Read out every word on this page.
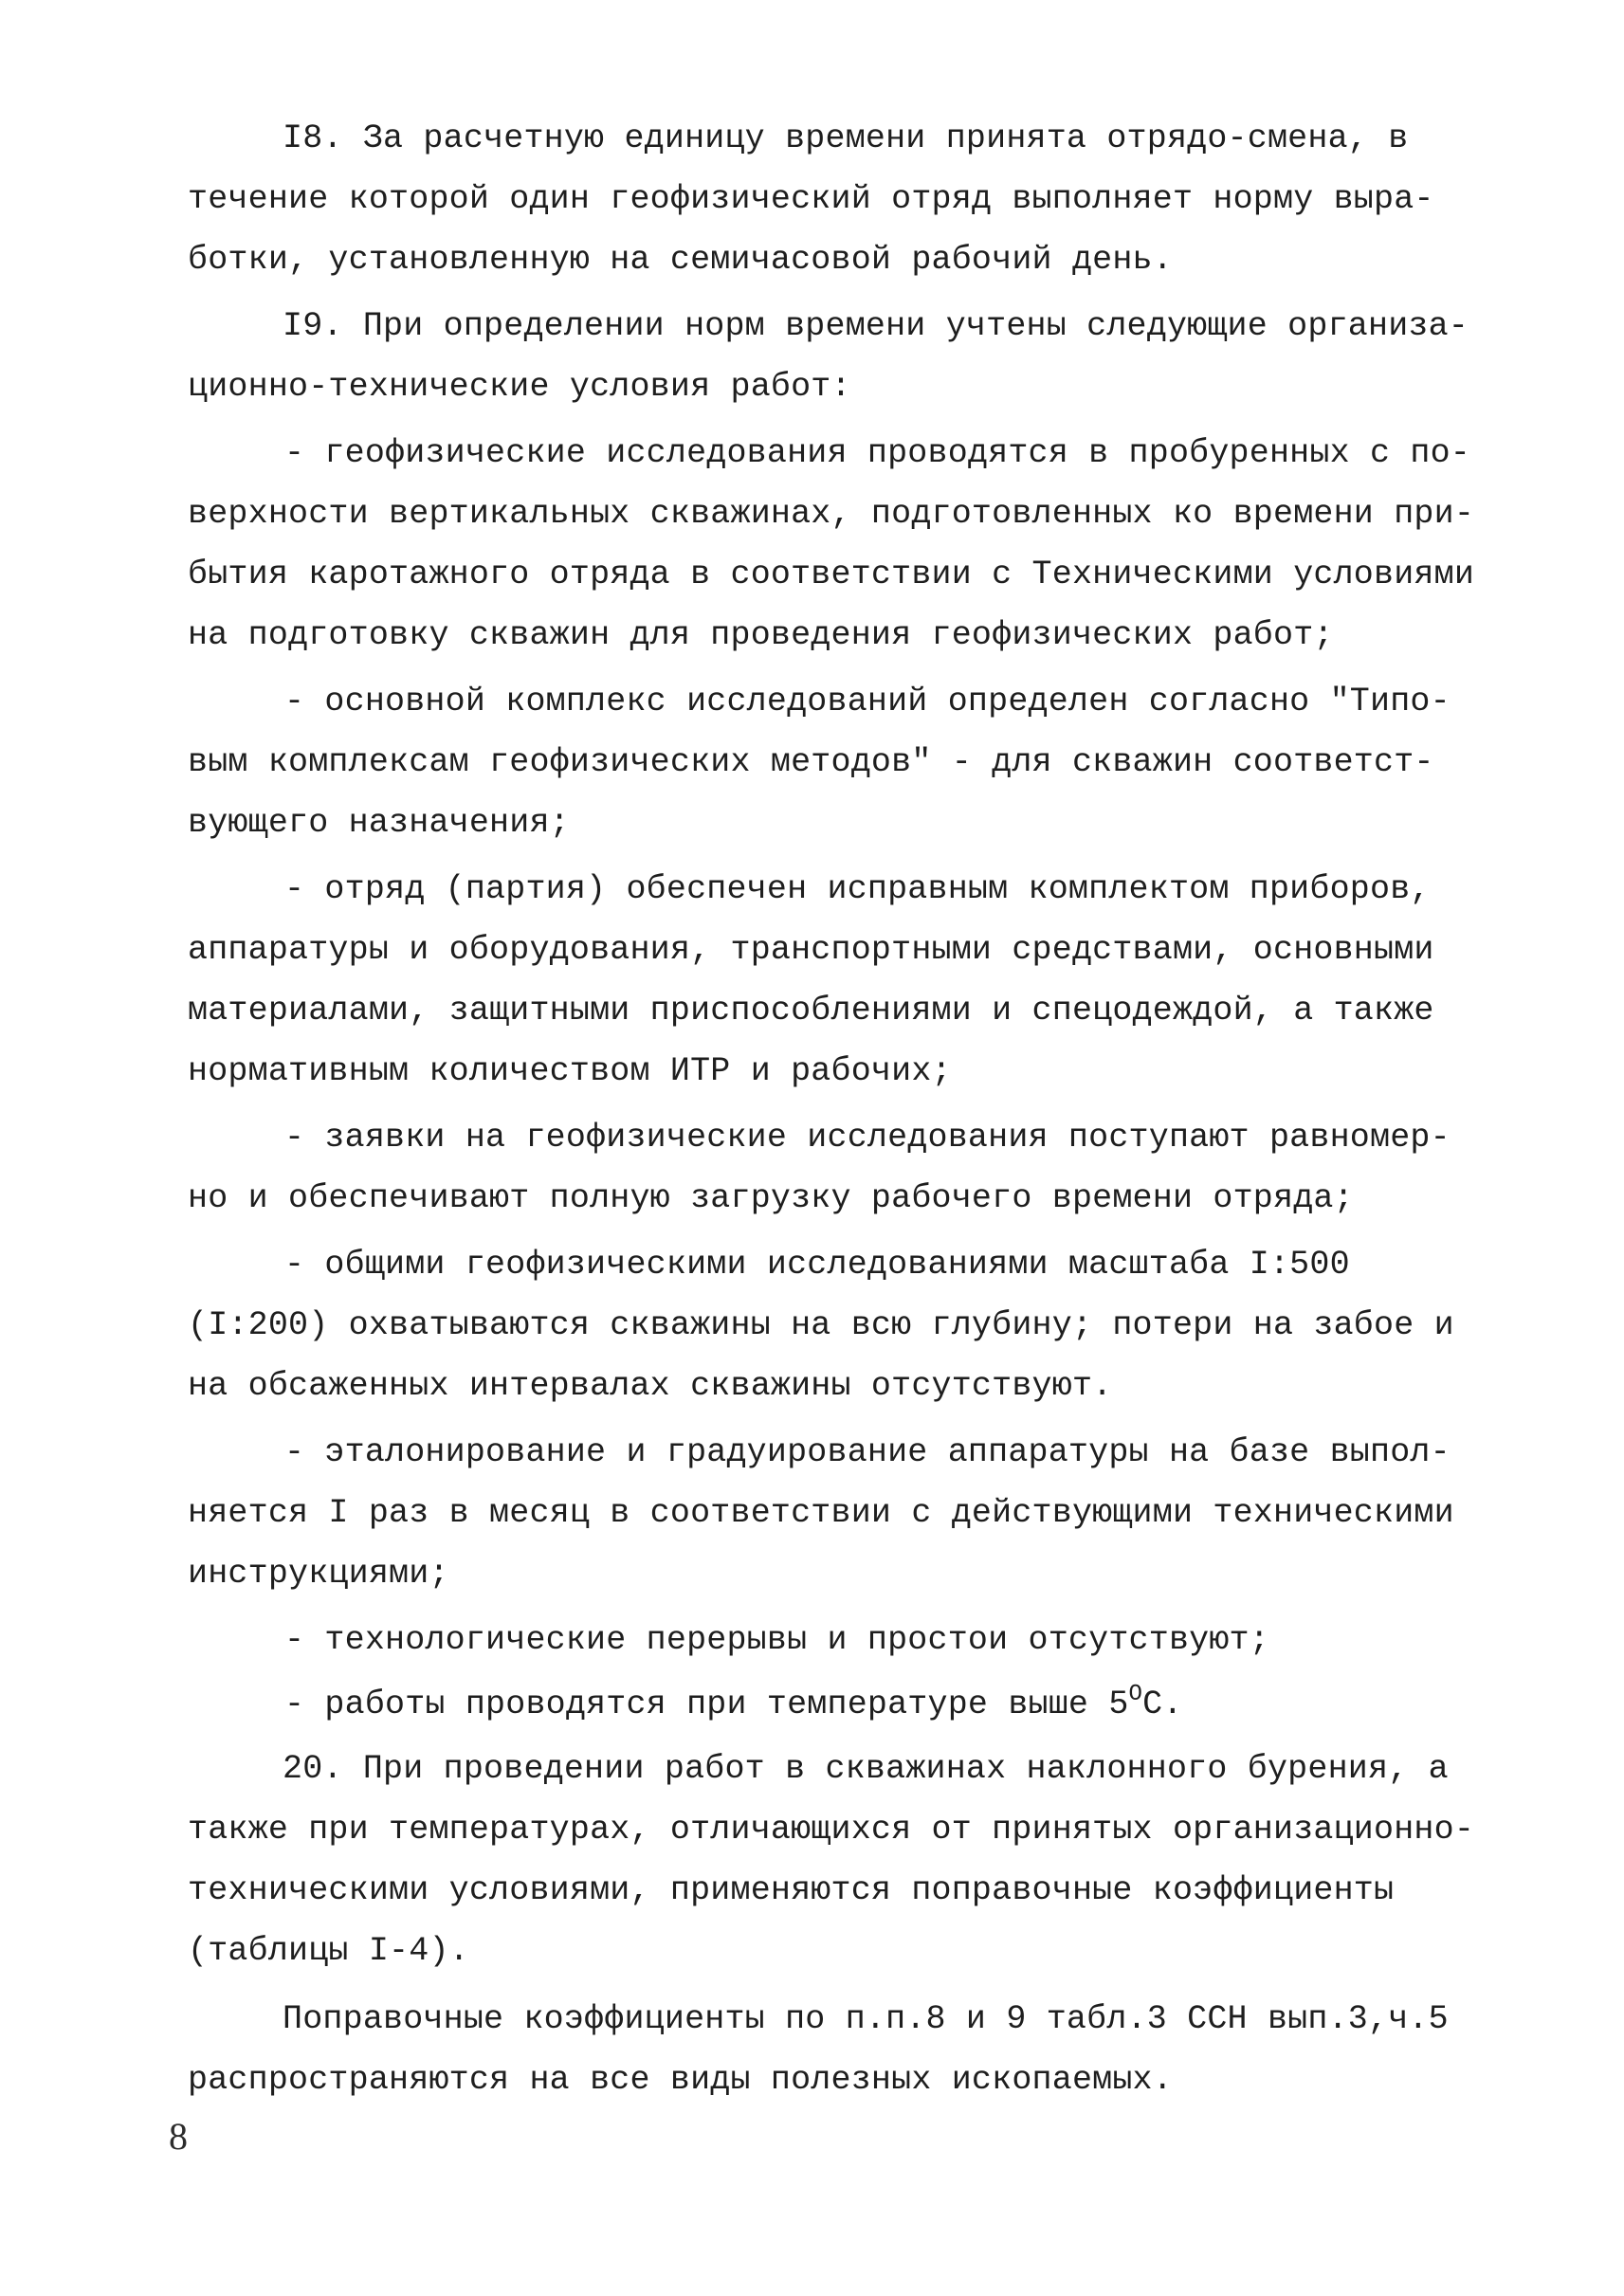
I8. За расчетную единицу времени принята отрядо-смена, в
течение которой один геофизический отряд выполняет норму выра-
ботки, установленную на семичасовой рабочий день.
I9. При определении норм времени учтены следующие организа-
ционно-технические условия работ:
- геофизические исследования проводятся в пробуренных с по-
верхности вертикальных скважинах, подготовленных ко времени при-
бытия каротажного отряда в соответствии с Техническими условиями
на подготовку скважин для проведения геофизических работ;
- основной комплекс исследований определен согласно "Типо-
вым комплексам геофизических методов" - для скважин соответст-
вующего назначения;
- отряд (партия) обеспечен исправным комплектом приборов,
аппаратуры и оборудования, транспортными средствами, основными
материалами, защитными приспособлениями и спецодеждой, а также
нормативным количеством ИТР и рабочих;
- заявки на геофизические исследования поступают равномер-
но и обеспечивают полную загрузку рабочего времени отряда;
- общими геофизическими исследованиями масштаба I:500
(I:200) охватываются скважины на всю глубину; потери на забое и
на обсаженных интервалах скважины отсутствуют.
- эталонирование и градуирование аппаратуры на базе выпол-
няется I раз в месяц в соответствии с действующими техническими
инструкциями;
- технологические перерывы и простои отсутствуют;
- работы проводятся при температуре выше $5^OC$.
20. При проведении работ в скважинах наклонного бурения, а
также при температурах, отличающихся от принятых организационно-
техническими условиями, применяются поправочные коэффициенты
(таблицы I-4).
Поправочные коэффициенты по п.п.8 и 9 табл.3 ССН вып.3,ч.5
распространяются на все виды полезных ископаемых.
8
